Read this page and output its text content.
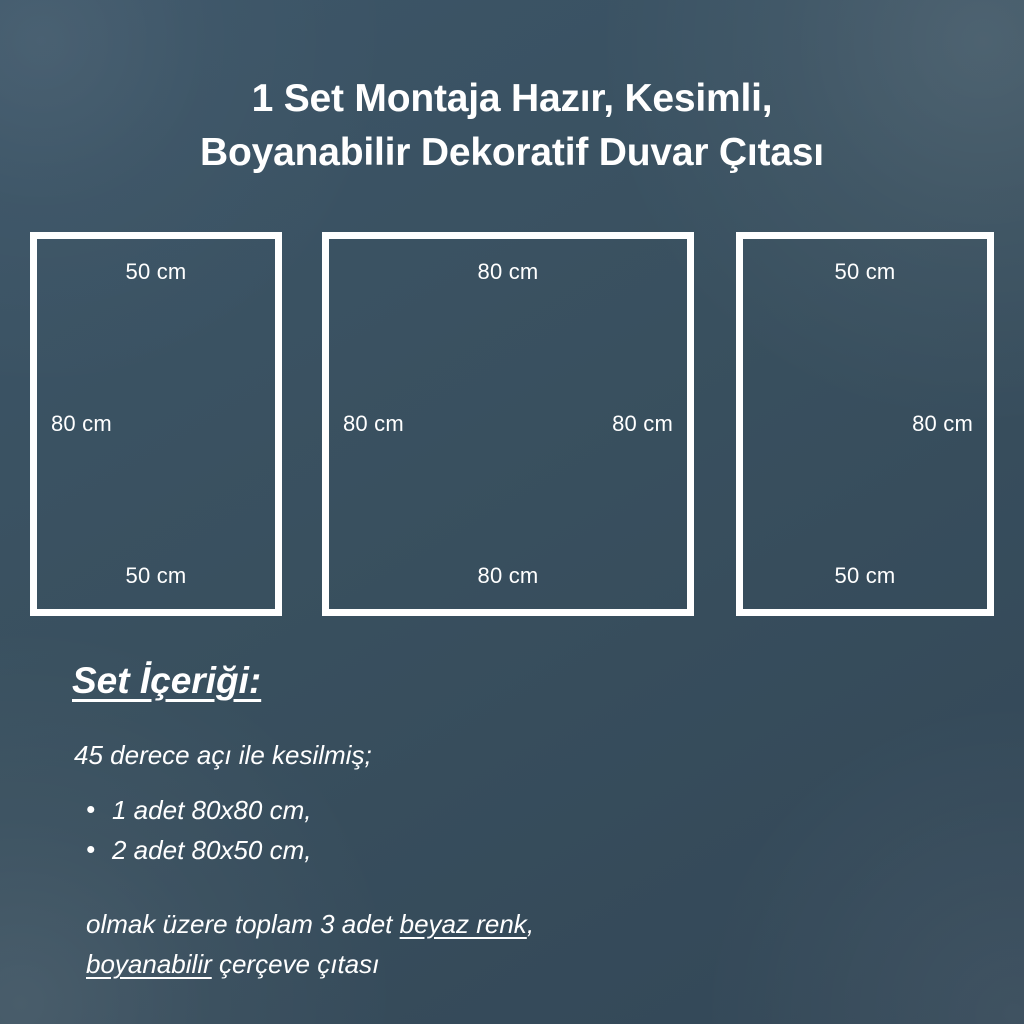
1 Set Montaja Hazır, Kesimli,
Boyanabilir Dekoratif Duvar Çıtası
50 cm
80 cm
50 cm
80 cm
80 cm	80 cm
80 cm
50 cm
80 cm
50 cm
Set İçeriği:
45 derece açı ile kesilmiş;
• 1 adet 80x80 cm,
• 2 adet 80x50 cm,
olmak üzere toplam 3 adet beyaz renk,
boyanabilir çerçeve çıtası
